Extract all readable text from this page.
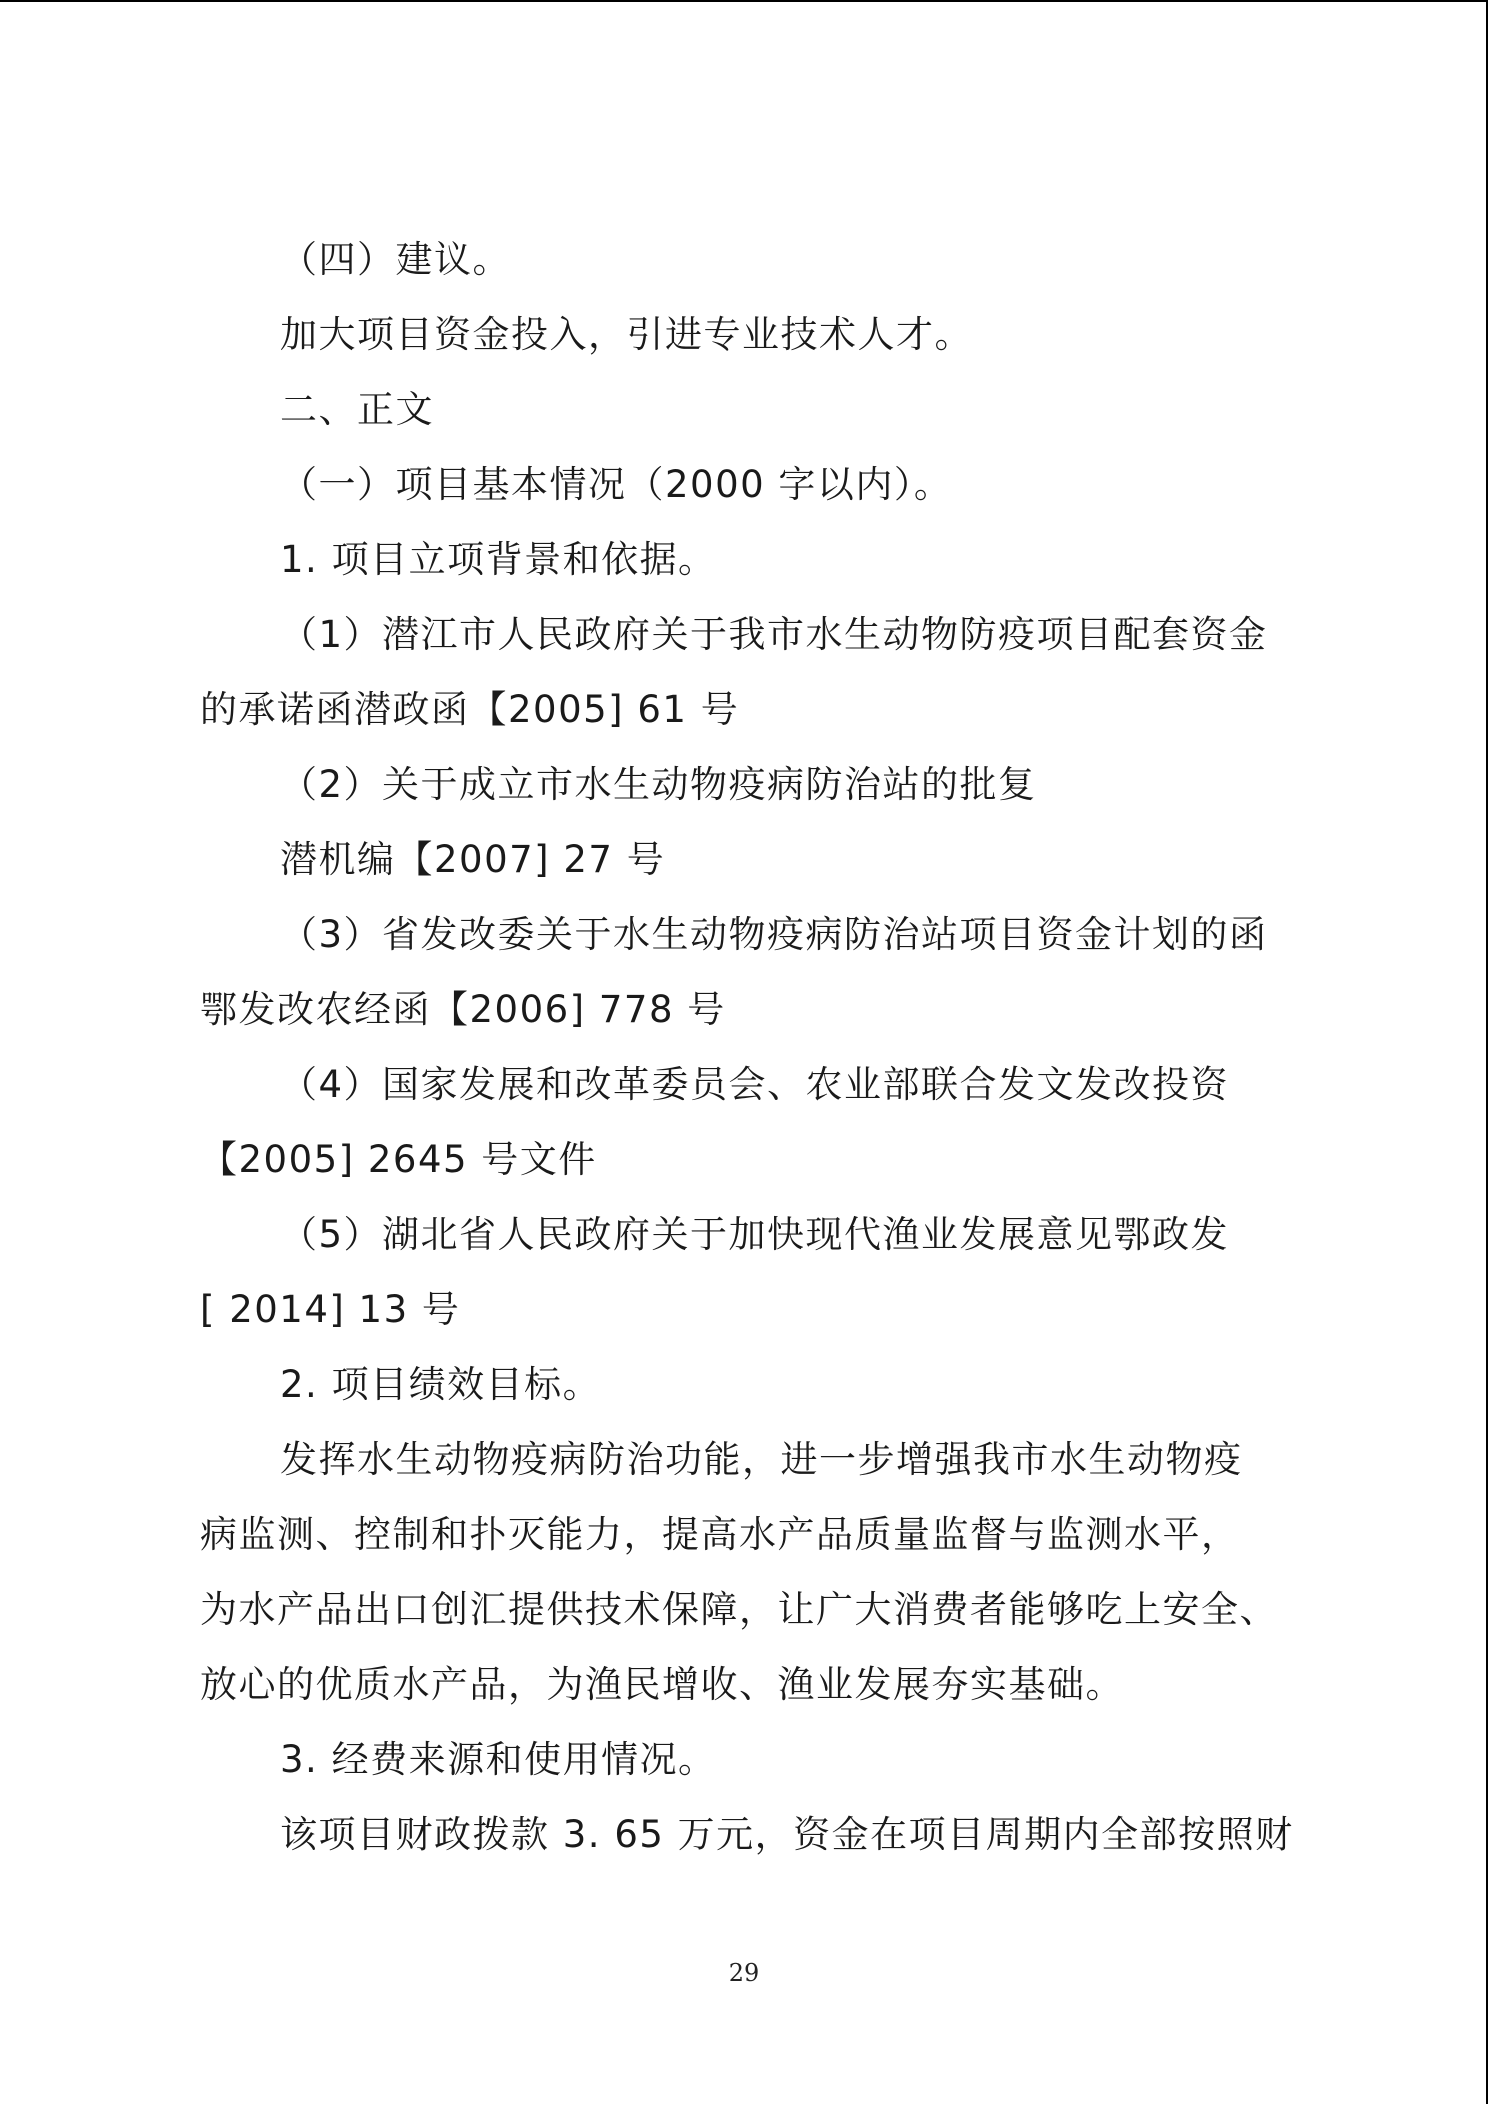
（四）建议。
加大项目资金投入，引进专业技术人才。
二、正文
（一）项目基本情况（2000 字以内）。
1. 项目立项背景和依据。
（1）潜江市人民政府关于我市水生动物防疫项目配套资金
的承诺函潜政函【2005] 61 号
（2）关于成立市水生动物疫病防治站的批复
潜机编【2007] 27 号
（3）省发改委关于水生动物疫病防治站项目资金计划的函
鄂发改农经函【2006] 778 号
（4）国家发展和改革委员会、农业部联合发文发改投资
【2005] 2645 号文件
（5）湖北省人民政府关于加快现代渔业发展意见鄂政发
[ 2014] 13 号
2. 项目绩效目标。
发挥水生动物疫病防治功能，进一步增强我市水生动物疫
病监测、控制和扑灭能力，提高水产品质量监督与监测水平，
为水产品出口创汇提供技术保障，让广大消费者能够吃上安全、
放心的优质水产品，为渔民增收、渔业发展夯实基础。
3. 经费来源和使用情况。
该项目财政拨款 3. 65 万元，资金在项目周期内全部按照财
29
